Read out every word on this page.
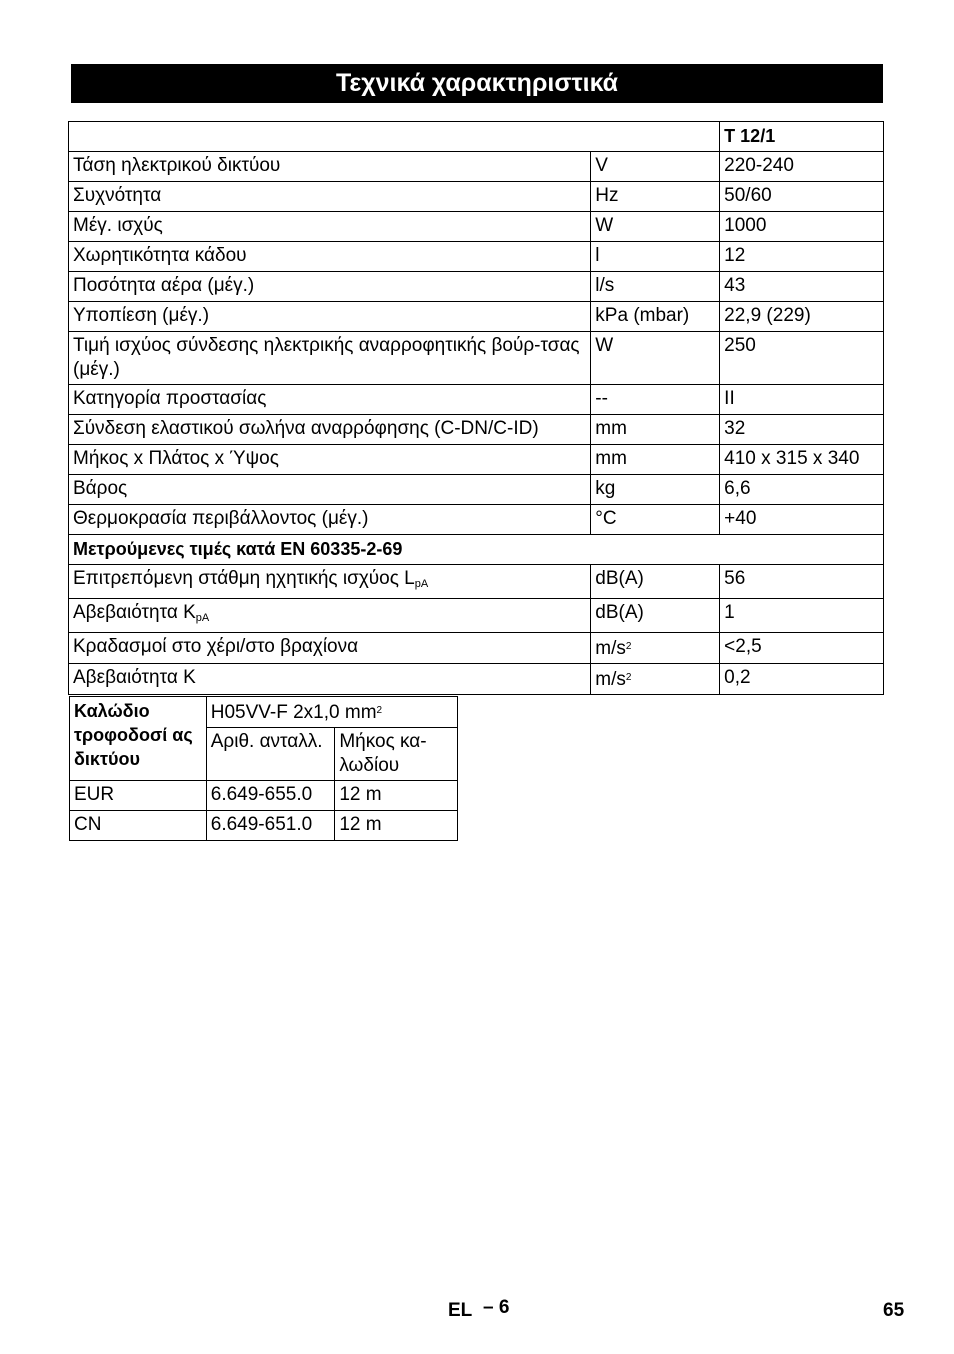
Τεχνικά χαρακτηριστικά
		T 12/1
Τάση ηλεκτρικού δικτύου	V	220-240
Συχνότητα	Hz	50/60
Μέγ. ισχύς	W	1000
Χωρητικότητα κάδου	l	12
Ποσότητα αέρα (μέγ.)	l/s	43
Υποπίεση (μέγ.)	kPa (mbar)	22,9 (229)
Τιμή ισχύος σύνδεσης ηλεκτρικής αναρροφητικής βούρ-τσας (μέγ.)	W	250
Κατηγορία προστασίας	--	II
Σύνδεση ελαστικού σωλήνα αναρρόφησης (C-DN/C-ID)	mm	32
Μήκος x Πλάτος x Ύψος	mm	410 x 315 x 340
Βάρος	kg	6,6
Θερμοκρασία περιβάλλοντος (μέγ.)	°C	+40
Μετρούμενες τιμές κατά EN 60335-2-69		
Επιτρεπόμενη στάθμη ηχητικής ισχύος $L_{pA}$	dB(A)	56
Αβεβαιότητα $K_{pA}$	dB(A)	1
Κραδασμοί στο χέρι/στο βραχίονα	$m/s^2$	<2,5
Αβεβαιότητα K	$m/s^2$	0,2
Καλώδιο τροφοδοσί ας δικτύου	H05VV-F 2x1,0 $mm^2$
	Αριθ. ανταλλ.	Μήκος κα-λωδίου
EUR	6.649-655.0	12 m
CN	6.649-651.0	12 m
EL – 6	65
